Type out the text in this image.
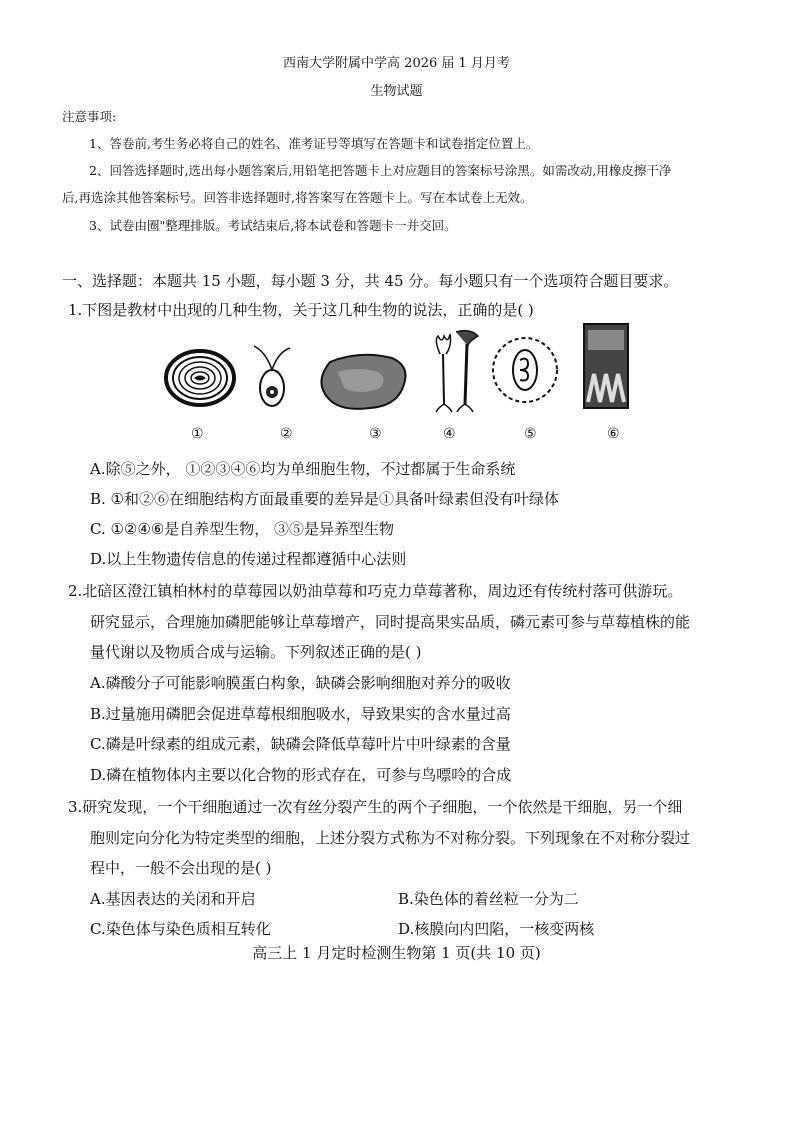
西南大学附属中学高 2026 届 1 月月考
生物试题
注意事项:
1、答卷前,考生务必将自己的姓名、准考证号等填写在答题卡和试卷指定位置上。
2、回答选择题时,选出每小题答案后,用铅笔把答题卡上对应题目的答案标号涂黑。如需改动,用橡皮擦干净
后,再选涂其他答案标号。回答非选择题时,将答案写在答题卡上。写在本试卷上无效。
3、试卷由圈"整理排版。考试结束后,将本试卷和答题卡一并交回。
一、选择题：本题共 15 小题，每小题 3 分，共 45 分。每小题只有一个选项符合题目要求。
1.下图是教材中出现的几种生物，关于这几种生物的说法，正确的是( )
①	②	③	④	⑤	⑥
A.除⑤之外， ①②③④⑥均为单细胞生物，不过都属于生命系统
B. ①和②⑥在细胞结构方面最重要的差异是①具备叶绿素但没有叶绿体
C. ①②④⑥是自养型生物， ③⑤是异养型生物
D.以上生物遗传信息的传递过程都遵循中心法则
2.北碚区澄江镇柏林村的草莓园以奶油草莓和巧克力草莓著称，周边还有传统村落可供游玩。
研究显示，合理施加磷肥能够让草莓增产，同时提高果实品质，磷元素可参与草莓植株的能
量代谢以及物质合成与运输。下列叙述正确的是( )
A.磷酸分子可能影响膜蛋白构象，缺磷会影响细胞对养分的吸收
B.过量施用磷肥会促进草莓根细胞吸水，导致果实的含水量过高
C.磷是叶绿素的组成元素，缺磷会降低草莓叶片中叶绿素的含量
D.磷在植物体内主要以化合物的形式存在，可参与鸟嘌呤的合成
3.研究发现，一个干细胞通过一次有丝分裂产生的两个子细胞，一个依然是干细胞，另一个细
胞则定向分化为特定类型的细胞，上述分裂方式称为不对称分裂。下列现象在不对称分裂过
程中，一般不会出现的是( )
A.基因表达的关闭和开启	B.染色体的着丝粒一分为二
C.染色体与染色质相互转化	D.核膜向内凹陷，一核变两核
高三上 1 月定时检测生物第 1 页(共 10 页)
